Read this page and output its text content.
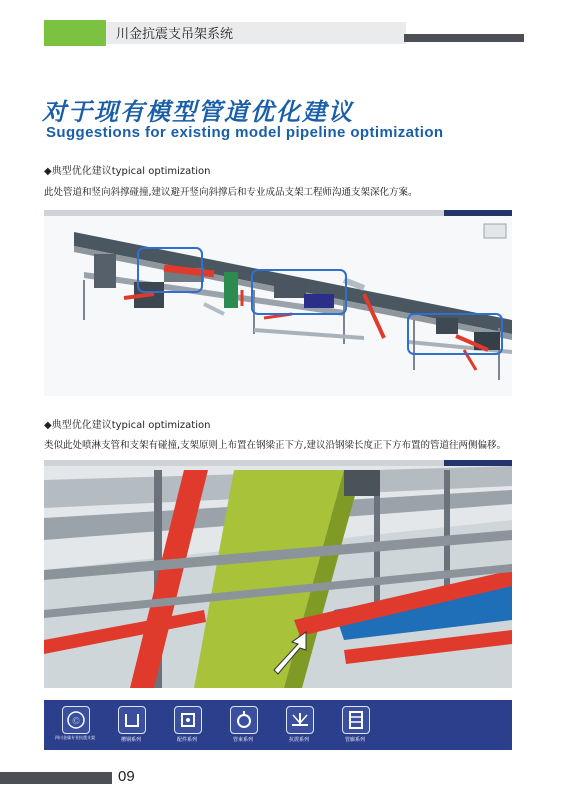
川金抗震支吊架系统
对于现有模型管道优化建议
Suggestions for existing model pipeline optimization
◆典型优化建议typical optimization
此处管道和竖向斜撑碰撞,建议避开竖向斜撑后和专业成品支架工程师沟通支架深化方案。
◆典型优化建议typical optimization
类似此处喷淋支管和支架有碰撞,支架原则上布置在钢梁正下方,建议沿钢梁长度正下方布置的管道往两侧偏移。
Ⓒ
四川金属专业抗震支架	槽钢系列	配件系列	管束系列	抗震系列	管廊系列
09
